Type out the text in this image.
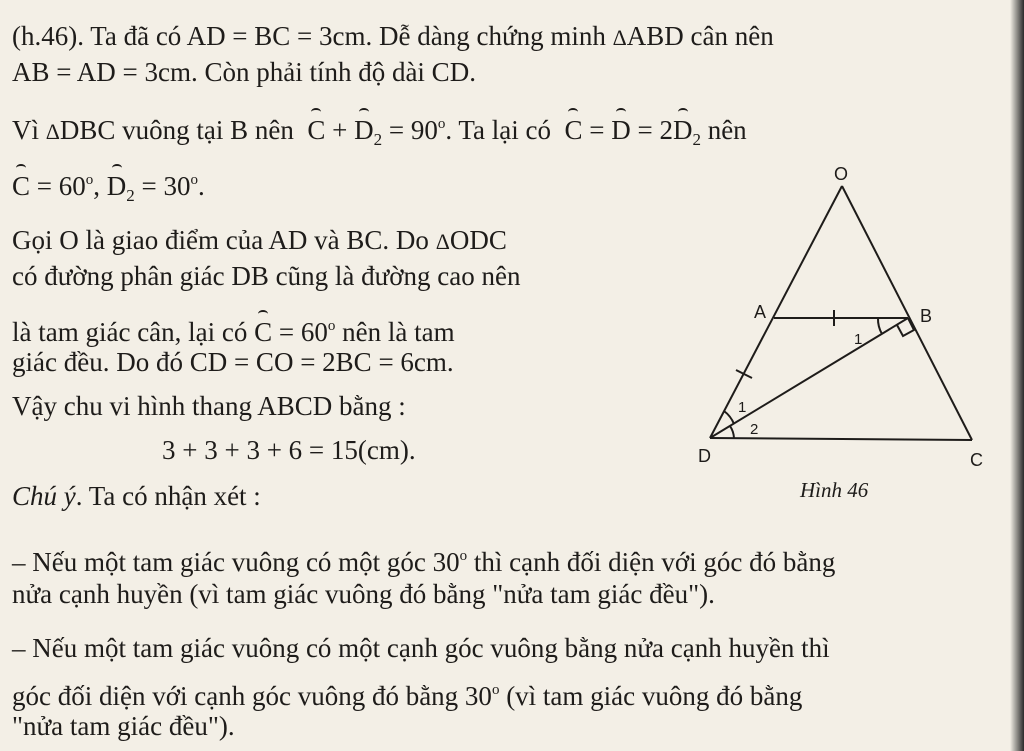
(h.46). Ta đã có AD = BC = 3cm. Dễ dàng chứng minh ΔABD cân nên
AB = AD = 3cm. Còn phải tính độ dài CD.
Vì ΔDBC vuông tại B nên $C + D_2 = 90^o$. Ta lại có  $C = D = 2D_2$ nên
$C = 60^o$, $D_2 = 30^o$.
Gọi O là giao điểm của AD và BC. Do ΔODC
có đường phân giác DB cũng là đường cao nên
là tam giác cân, lại có $C = 60^o$ nên là tam
giác đều. Do đó CD = CO = 2BC = 6cm.
Vậy chu vi hình thang ABCD bằng :
3 + 3 + 3 + 6 = 15(cm).
Chú ý. Ta có nhận xét :
– Nếu một tam giác vuông có một góc 30$^o$ thì cạnh đối diện với góc đó bằng
nửa cạnh huyền (vì tam giác vuông đó bằng "nửa tam giác đều").
– Nếu một tam giác vuông có một cạnh góc vuông bằng nửa cạnh huyền thì
góc đối diện với cạnh góc vuông đó bằng 30$^o$ (vì tam giác vuông đó bằng
"nửa tam giác đều").
O
A	B
D	C
1
1
2
Hình 46
